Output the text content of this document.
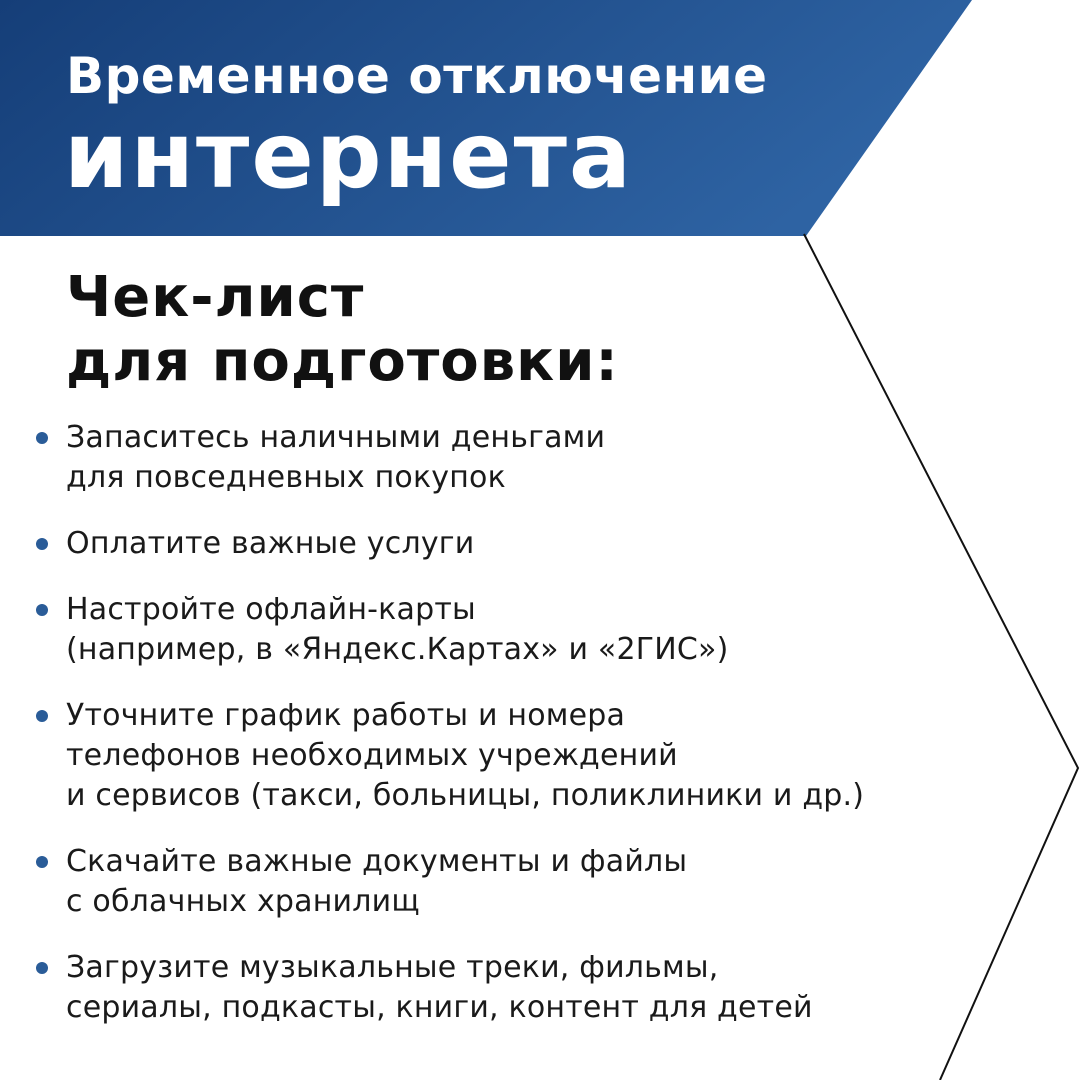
Временное отключение
интернета
Чек-лист
для подготовки:
Запаситесь наличными деньгами
для повседневных покупок
Оплатите важные услуги
Настройте офлайн-карты
(например, в «Яндекс.Картах» и «2ГИС»)
Уточните график работы и номера
телефонов необходимых учреждений
и сервисов (такси, больницы, поликлиники и др.)
Скачайте важные документы и файлы
с облачных хранилищ
Загрузите музыкальные треки, фильмы,
сериалы, подкасты, книги, контент для детей
